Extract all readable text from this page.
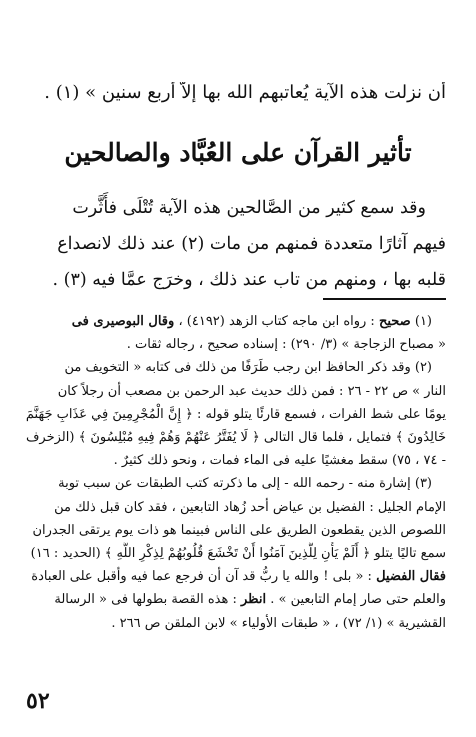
أن نزلت هذه الآية يُعاتبهم الله بها إلاَّ أربع سنين » (١) .
تأثير القرآن على العُبَّاد والصالحين
وقد سمع كثير من الصَّالحين هذه الآية تُتْلَى فأَثَّرت
فيهم آثارًا متعددة فمنهم من مات (٢) عند ذلك لانصداع
قلبه بها ، ومنهم من تاب عند ذلك ، وخرَج عمَّا فيه (٣) .
(١) صحيح : رواه ابن ماجه كتاب الزهد (٤١٩٢) ، وقال البوصيرى فى
« مصباح الزجاجة » (٣/ ٢٩٠) : إسناده صحيح ، رجاله ثقات .
(٢) وقد ذكر الحافظ ابن رجب طَرَفًا من ذلك فى كتابه « التخويف من
النار » ص ٢٢ - ٢٦ : فمن ذلك حديث عبد الرحمن بن مصعب أن رجلاً كان
يومًا على شط الفرات ، فسمع قارئًا يتلو قوله : ﴿ إِنَّ الْمُجْرِمِينَ فِي عَذَابِ جَهَنَّمَ
خَالِدُونَ ﴾ فتمايل ، فلما قال التالى ﴿ لَا يُفَتَّرُ عَنْهُمْ وَهُمْ فِيهِ مُبْلِسُونَ ﴾ (الزخرف
- ٧٤ ، ٧٥) سقط مغشيًا عليه فى الماء فمات ، ونحو ذلك كثيرٌ .
(٣) إشارة منه - رحمه الله - إلى ما ذكرته كتب الطبقات عن سبب توبة
الإمام الجليل : الفضيل بن عياض أحد زُهاد التابعين ، فقد كان قبل ذلك من
اللصوص الذين يقطعون الطريق على الناس فبينما هو ذات يوم يرتقى الجدران
سمع تاليًا يتلو ﴿ أَلَمْ يَأْنِ لِلَّذِينَ آمَنُوا أَنْ تَخْشَعَ قُلُوبُهُمْ لِذِكْرِ اللَّهِ ﴾ (الحديد : ١٦)
فقال الفضيل : « بلى ! والله يا ربُّ قد آن أن فرجع عما فيه وأقبل على العبادة
والعلم حتى صار إمام التابعين » . انظر : هذه القصة بطولها فى « الرسالة
القشيرية » (١/ ٧٢) ، « طبقات الأولياء » لابن الملقن ص ٢٦٦ .
٥٢
